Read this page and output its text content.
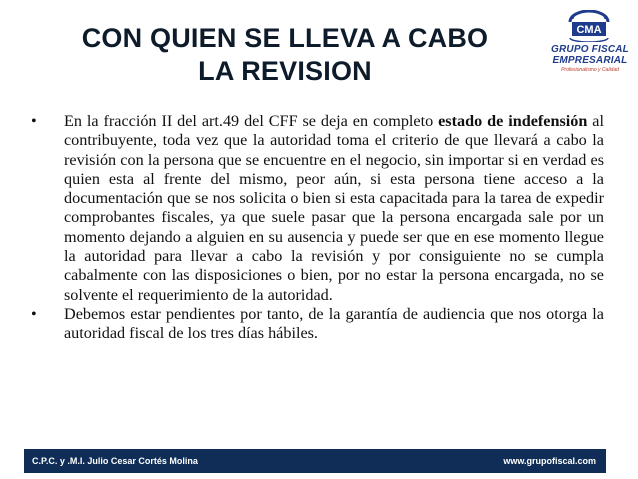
CON QUIEN SE LLEVA A CABO LA REVISION
CMA
GRUPO FISCAL
EMPRESARIAL
Profesionalismo y Calidad
•	En la fracción II del art.49 del CFF se deja en completo estado de indefensión al contribuyente, toda vez que la autoridad toma el criterio de que llevará a cabo la revisión con la persona que se encuentre en el negocio, sin importar si en verdad es quien esta al frente del mismo, peor aún, si esta persona tiene acceso a la documentación que se nos solicita o bien si esta capacitada para la tarea de expedir comprobantes fiscales, ya que suele pasar que la persona encargada sale por un momento dejando a alguien en su ausencia y puede ser que en ese momento llegue la autoridad para llevar a cabo la revisión y por consiguiente no se cumpla cabalmente con las disposiciones o bien, por no estar la persona encargada, no se solvente el requerimiento de la autoridad.
•	Debemos estar pendientes por tanto, de la garantía de audiencia que nos otorga la autoridad fiscal de los tres días hábiles.
C.P.C. y .M.I. Julio Cesar Cortés Molina	www.grupofiscal.com
